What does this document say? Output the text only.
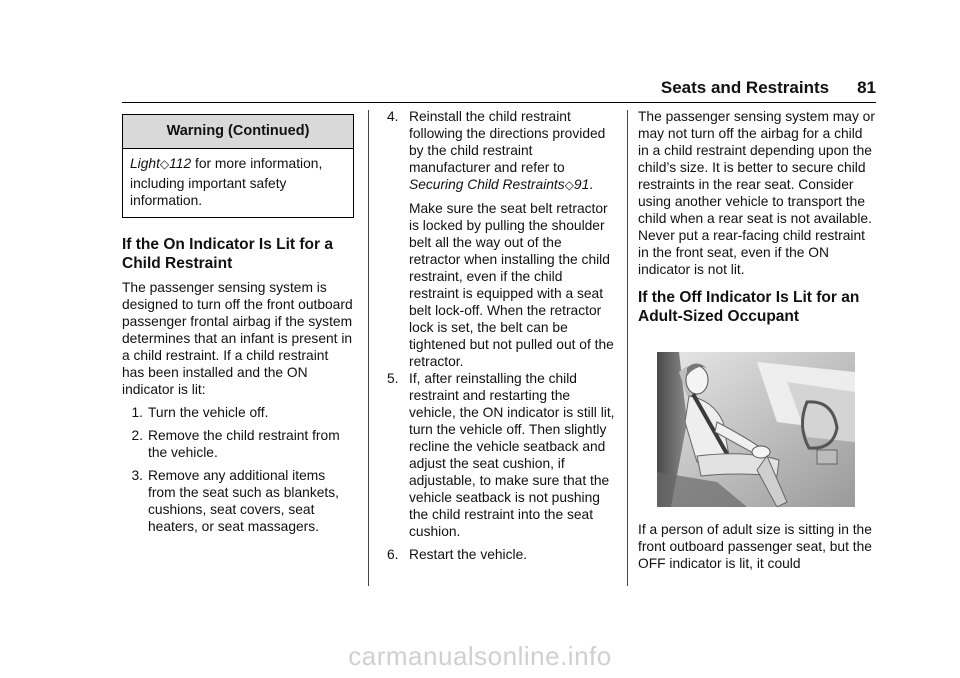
Seats and Restraints 81
Warning (Continued)

Light◇112 for more information,

including important safety information.

If the On Indicator Is Lit for a Child Restraint

The passenger sensing system is designed to turn off the front outboard passenger frontal airbag if the system determines that an infant is present in a child restraint. If a child restraint has been installed and the ON indicator is lit:

1. Turn the vehicle off.
2. Remove the child restraint from the vehicle.
3. Remove any additional items from the seat such as blankets, cushions, seat covers, seat heaters, or seat massagers.
4. Reinstall the child restraint following the directions provided by the child restraint manufacturer and refer to Securing Child Restraints◇91.

Make sure the seat belt retractor is locked by pulling the shoulder belt all the way out of the retractor when installing the child restraint, even if the child restraint is equipped with a seat belt lock-off. When the retractor lock is set, the belt can be tightened but not pulled out of the retractor.

5. If, after reinstalling the child restraint and restarting the vehicle, the ON indicator is still lit, turn the vehicle off. Then slightly recline the vehicle seatback and adjust the seat cushion, if adjustable, to make sure that the vehicle seatback is not pushing the child restraint into the seat cushion.
6. Restart the vehicle.

The passenger sensing system may or may not turn off the airbag for a child in a child restraint depending upon the child’s size. It is better to secure child restraints in the rear seat. Consider using another vehicle to transport the child when a rear seat is not available. Never put a rear-facing child restraint in the front seat, even if the ON indicator is not lit.

If the Off Indicator Is Lit for an Adult-Sized Occupant

If a person of adult size is sitting in the front outboard passenger seat, but the OFF indicator is lit, it could

carmanualsonline.info
